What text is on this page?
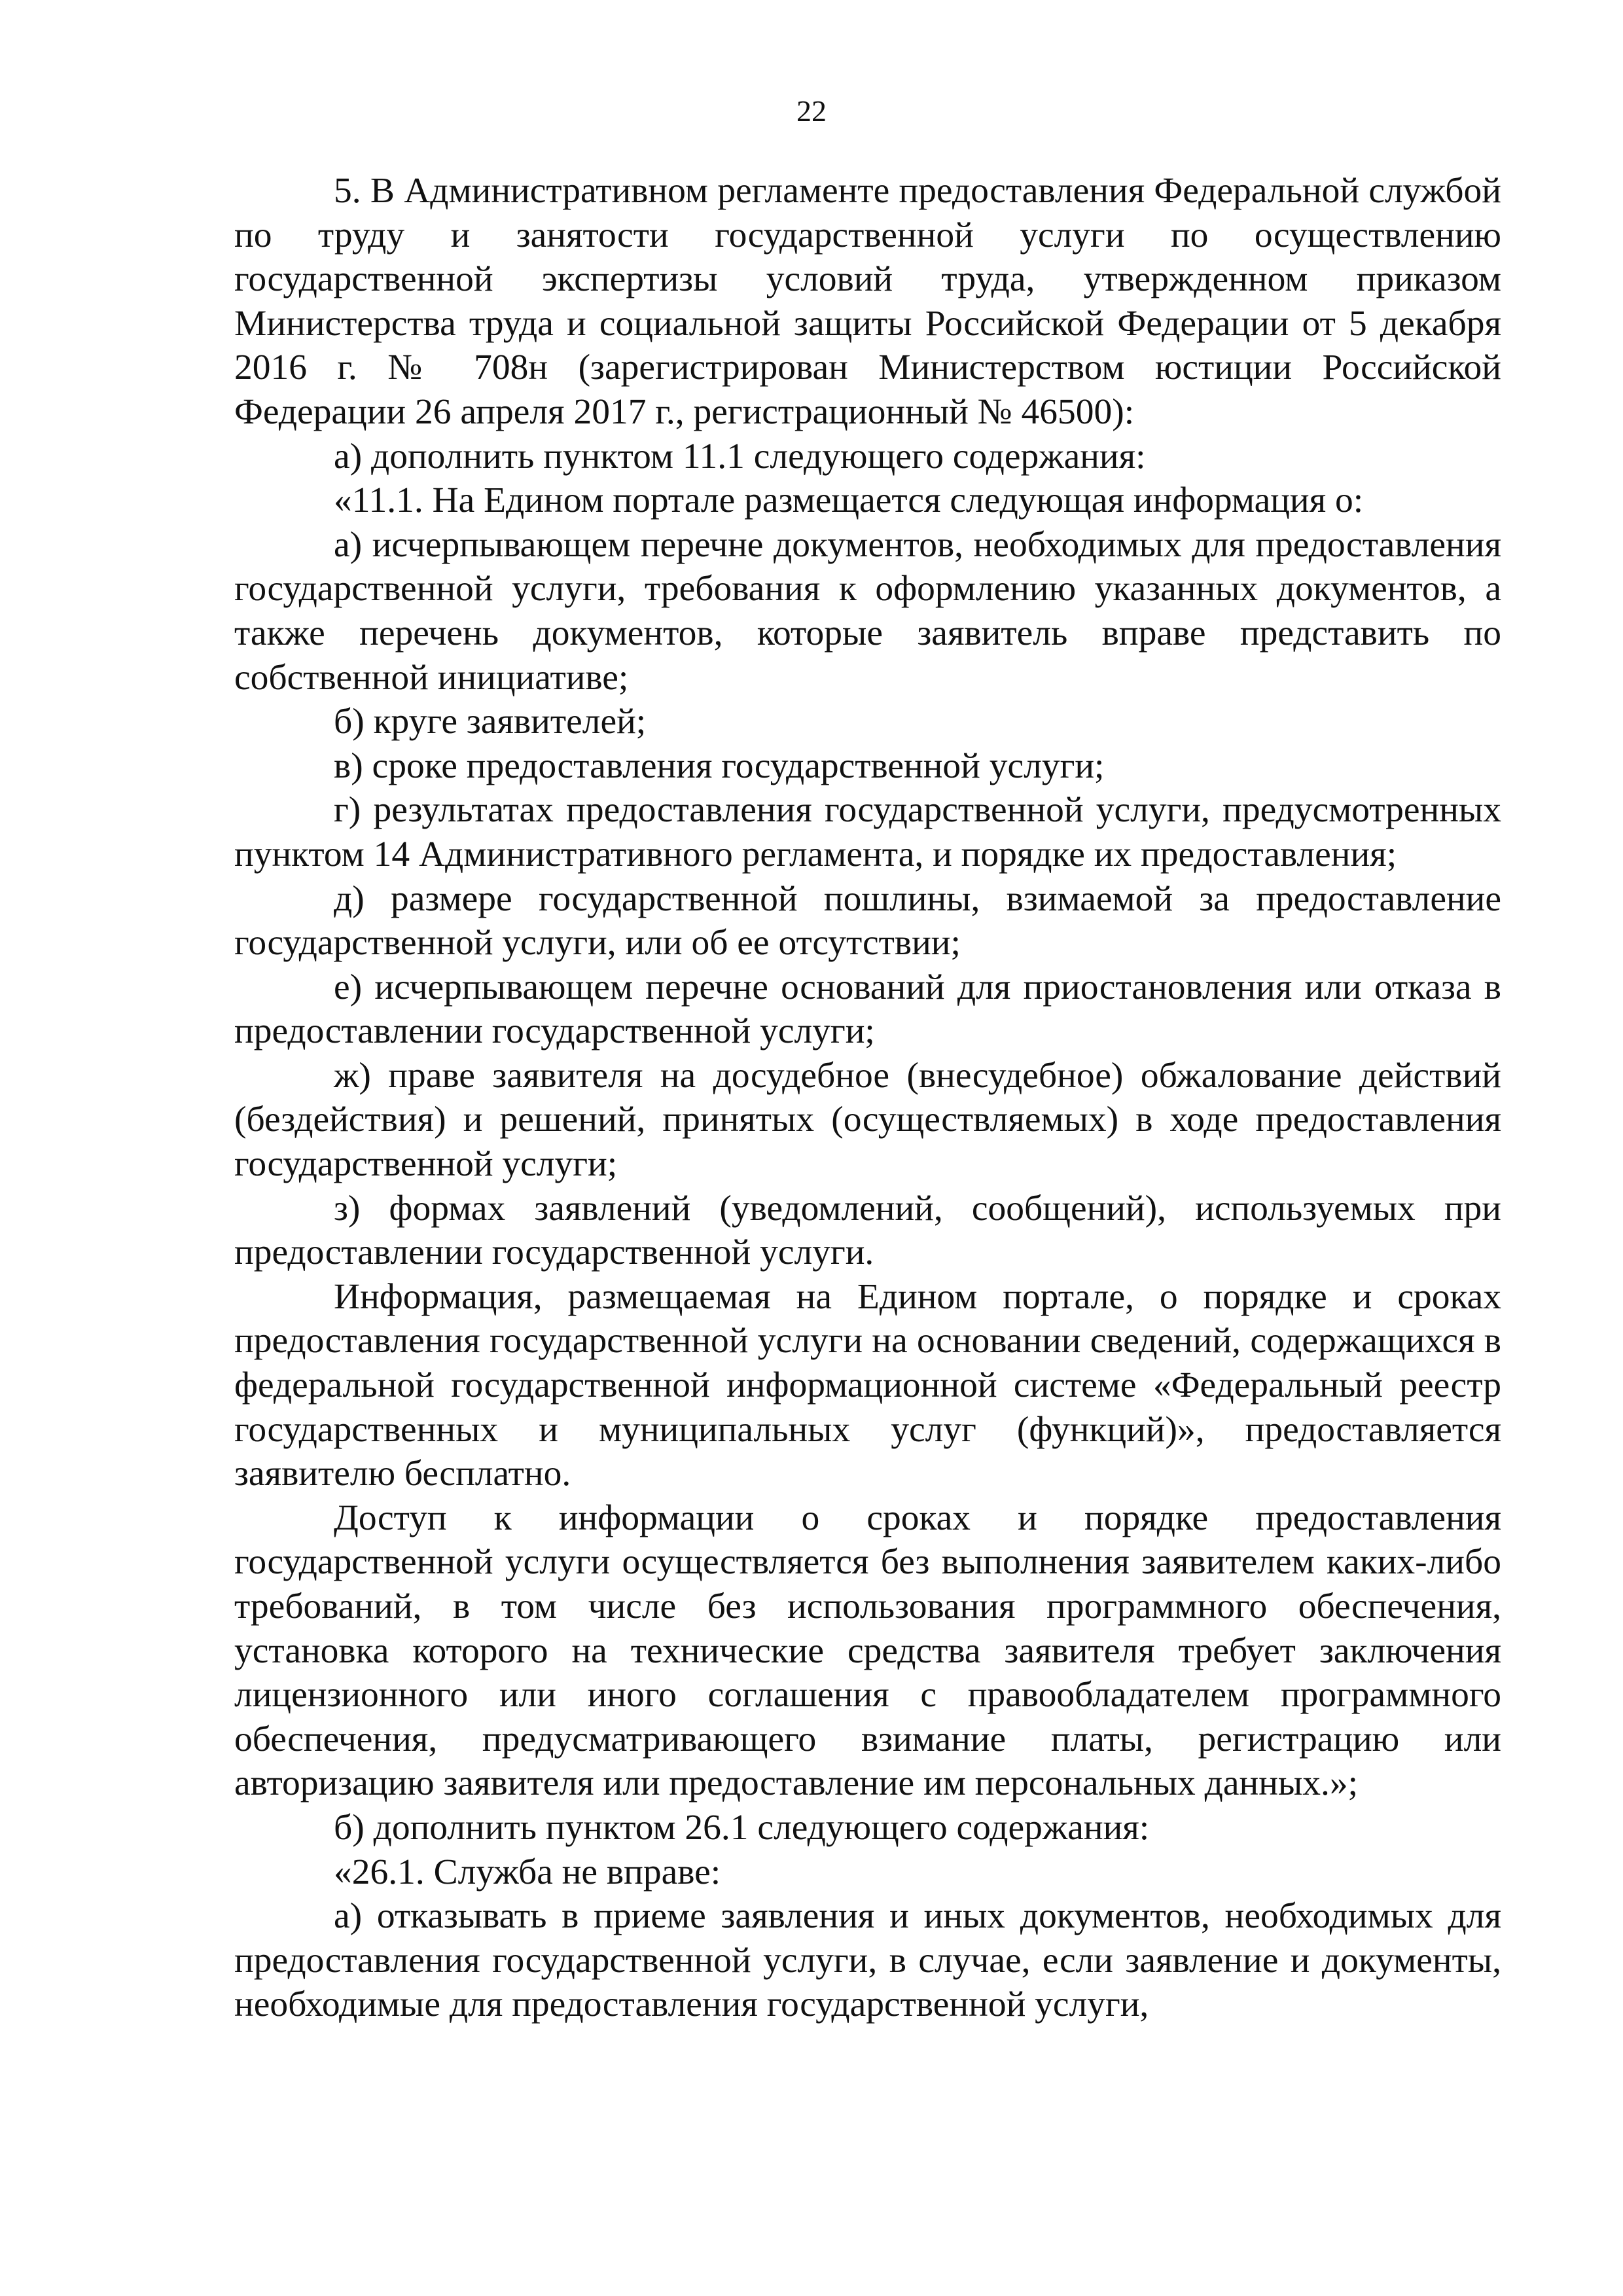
22

5. В Административном регламенте предоставления Федеральной службой по труду и занятости государственной услуги по осуществлению государственной экспертизы условий труда, утвержденном приказом Министерства труда и социальной защиты Российской Федерации от 5 декабря 2016 г. № 708н (зарегистрирован Министерством юстиции Российской Федерации 26 апреля 2017 г., регистрационный № 46500):

а) дополнить пунктом 11.1 следующего содержания:

«11.1. На Едином портале размещается следующая информация о:

а) исчерпывающем перечне документов, необходимых для предоставления государственной услуги, требования к оформлению указанных документов, а также перечень документов, которые заявитель вправе представить по собственной инициативе;

б) круге заявителей;

в) сроке предоставления государственной услуги;

г) результатах предоставления государственной услуги, предусмотренных пунктом 14 Административного регламента, и порядке их предоставления;

д) размере государственной пошлины, взимаемой за предоставление государственной услуги, или об ее отсутствии;

е) исчерпывающем перечне оснований для приостановления или отказа в предоставлении государственной услуги;

ж) праве заявителя на досудебное (внесудебное) обжалование действий (бездействия) и решений, принятых (осуществляемых) в ходе предоставления государственной услуги;

з) формах заявлений (уведомлений, сообщений), используемых при предоставлении государственной услуги.

Информация, размещаемая на Едином портале, о порядке и сроках предоставления государственной услуги на основании сведений, содержащихся в федеральной государственной информационной системе «Федеральный реестр государственных и муниципальных услуг (функций)», предоставляется заявителю бесплатно.

Доступ к информации о сроках и порядке предоставления государственной услуги осуществляется без выполнения заявителем каких-либо требований, в том числе без использования программного обеспечения, установка которого на технические средства заявителя требует заключения лицензионного или иного соглашения с правообладателем программного обеспечения, предусматривающего взимание платы, регистрацию или авторизацию заявителя или предоставление им персональных данных.»;

б) дополнить пунктом 26.1 следующего содержания:

«26.1. Служба не вправе:

а) отказывать в приеме заявления и иных документов, необходимых для предоставления государственной услуги, в случае, если заявление и документы, необходимые для предоставления государственной услуги,
